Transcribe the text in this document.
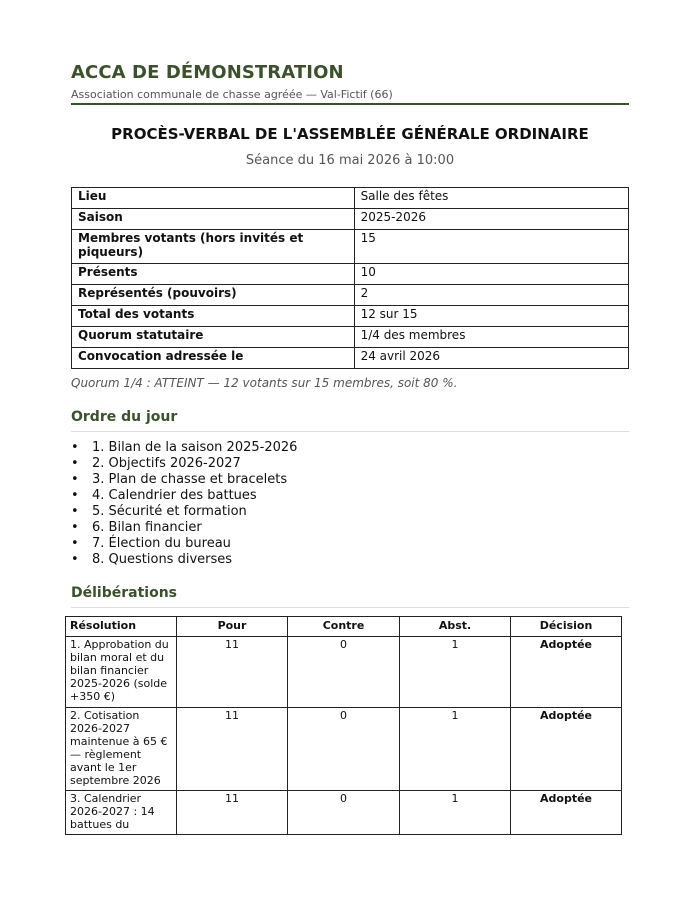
ACCA DE DÉMONSTRATION
Association communale de chasse agréée — Val-Fictif (66)
PROCÈS-VERBAL DE L'ASSEMBLÉE GÉNÉRALE ORDINAIRE
Séance du 16 mai 2026 à 10:00
Lieu	Salle des fêtes
Saison	2025-2026
Membres votants (hors invités et piqueurs)	15
Présents	10
Représentés (pouvoirs)	2
Total des votants	12 sur 15
Quorum statutaire	1/4 des membres
Convocation adressée le	24 avril 2026
Quorum 1/4 : ATTEINT — 12 votants sur 15 membres, soit 80 %.
Ordre du jour
• 1. Bilan de la saison 2025-2026
• 2. Objectifs 2026-2027
• 3. Plan de chasse et bracelets
• 4. Calendrier des battues
• 5. Sécurité et formation
• 6. Bilan financier
• 7. Élection du bureau
• 8. Questions diverses
Délibérations
Résolution	Pour	Contre	Abst.	Décision
1. Approbation du bilan moral et du bilan financier 2025-2026 (solde +350 €)	11	0	1	Adoptée
2. Cotisation 2026-2027 maintenue à 65 € — règlement avant le 1er septembre 2026	11	0	1	Adoptée
3. Calendrier 2026-2027 : 14 battues du	11	0	1	Adoptée
